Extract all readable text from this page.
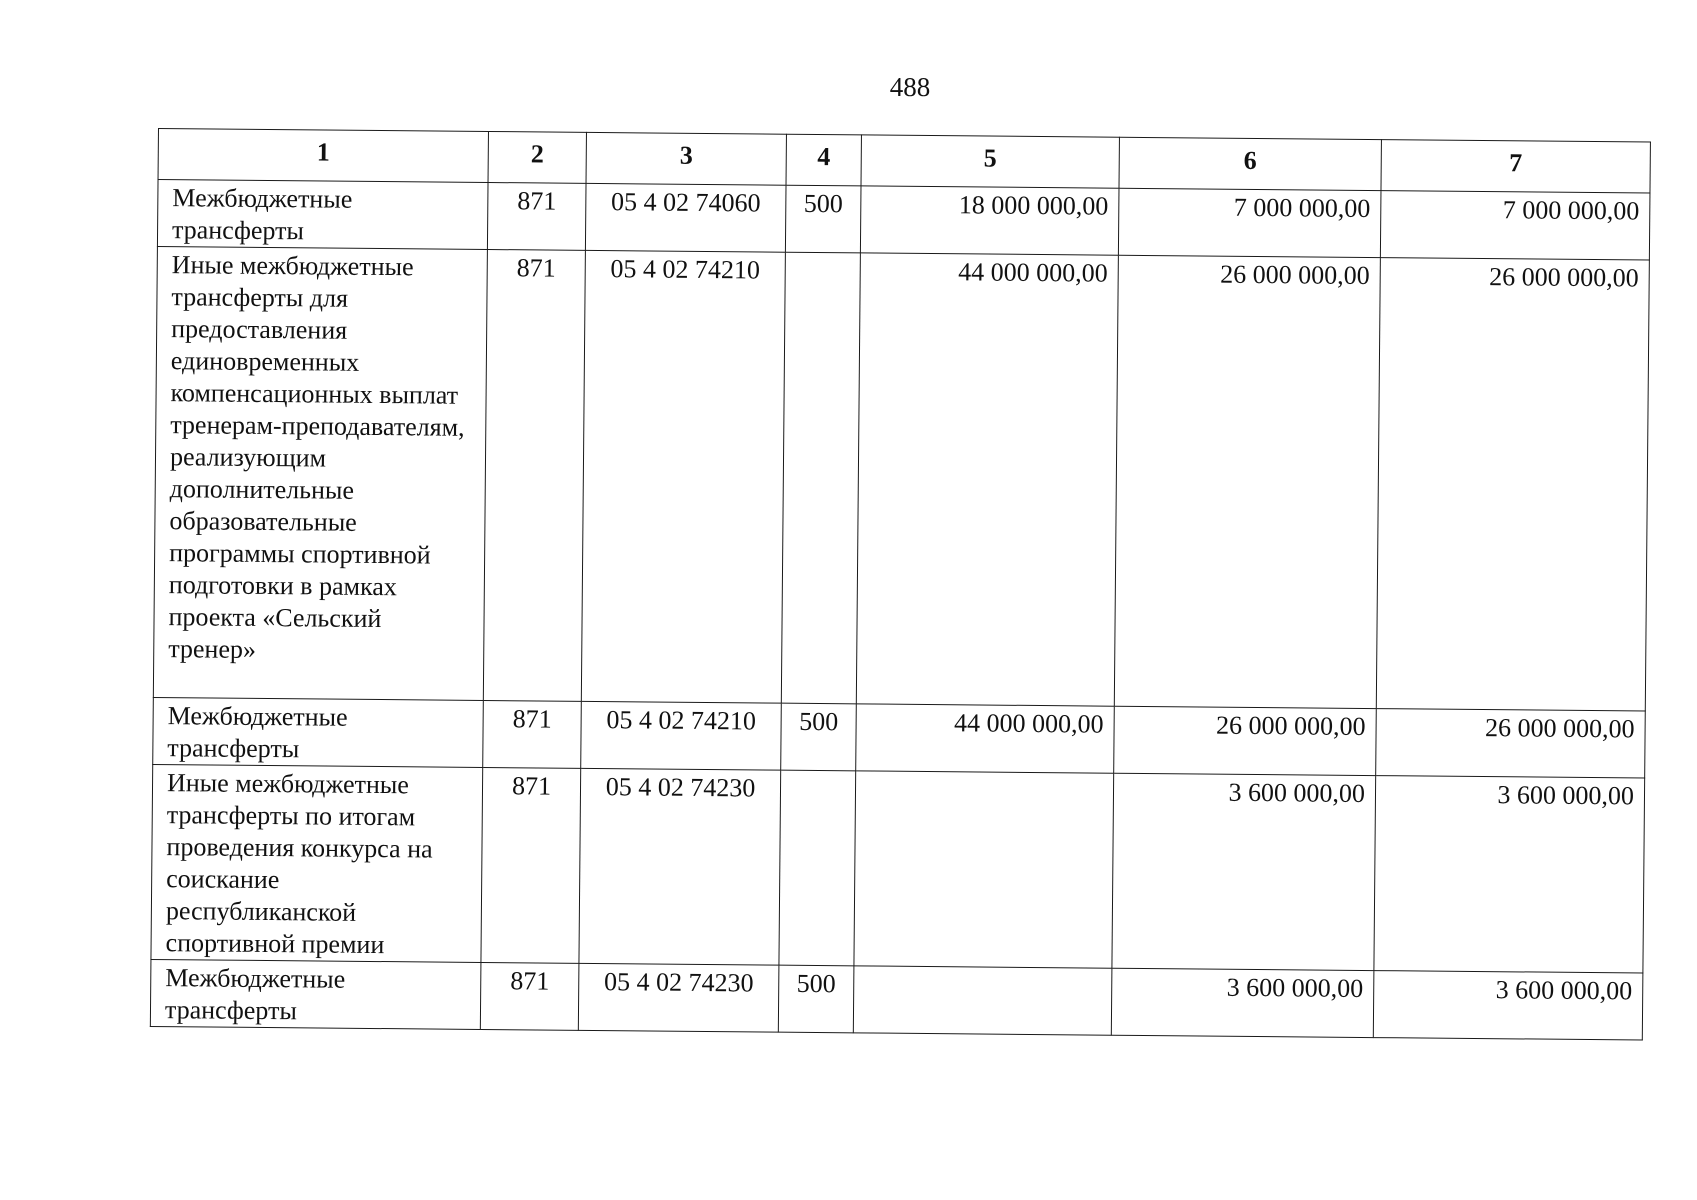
488
1	2	3	4	5	6	7
Межбюджетные трансферты	871	05 4 02 74060	500	18 000 000,00	7 000 000,00	7 000 000,00
Иные межбюджетные трансферты для предоставления единовременных компенсационных выплат тренерам-преподавателям, реализующим дополнительные образовательные программы спортивной подготовки в рамках проекта «Сельский тренер»	871	05 4 02 74210		44 000 000,00	26 000 000,00	26 000 000,00
Межбюджетные трансферты	871	05 4 02 74210	500	44 000 000,00	26 000 000,00	26 000 000,00
Иные межбюджетные трансферты по итогам проведения конкурса на соискание республиканской спортивной премии	871	05 4 02 74230			3 600 000,00	3 600 000,00
Межбюджетные трансферты	871	05 4 02 74230	500		3 600 000,00	3 600 000,00
